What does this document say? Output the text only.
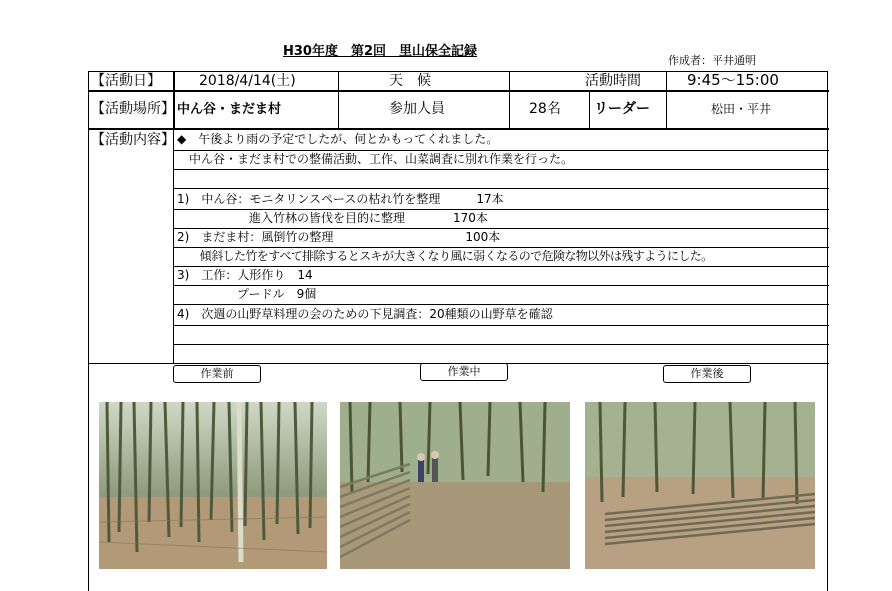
H30年度　第2回　里山保全記録
作成者：平井通明
【活動日】	2018/4/14(土)	天　候	活動時間	9:45〜15:00
【活動場所】 中ん谷・まだま村	参加人員	28名 リーダー	松田・平井
【活動内容】 ◆　午後より雨の予定でしたが、何とかもってくれました。
　中ん谷・まだま村での整備活動、工作、山菜調査に別れ作業を行った。
1)　中ん谷：モニタリンスペースの枯れ竹を整理　　　17本
　　　　　　進入竹林の皆伐を目的に整理　　　　170本
2)　まだま村：風倒竹の整理　　　　　　　　　　　100本
　　傾斜した竹をすべて排除するとスキが大きくなり風に弱くなるので危険な物以外は残すようにした。
3)　工作：人形作り　14
　　　　　プードル　9個
4)　次週の山野草料理の会のための下見調査：20種類の山野草を確認
作業前	作業中	作業後
